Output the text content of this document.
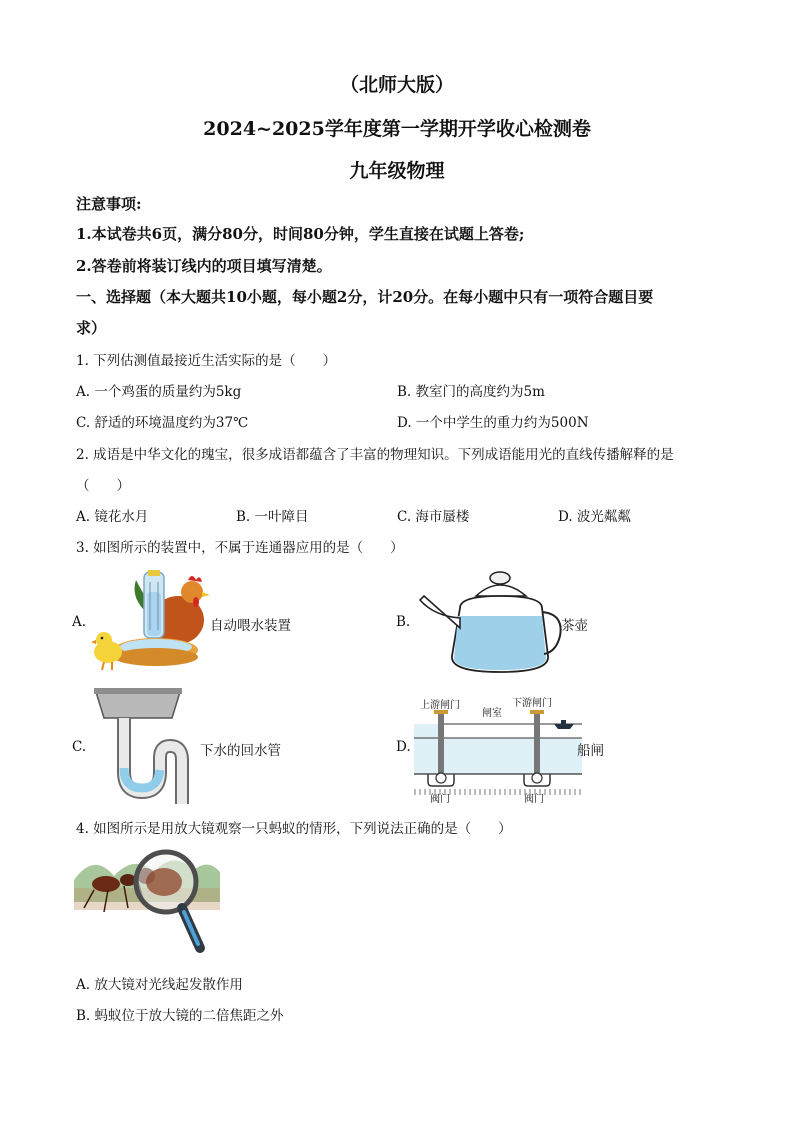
（北师大版）
2024~2025学年度第一学期开学收心检测卷
九年级物理
注意事项:
1.本试卷共6页，满分80分，时间80分钟，学生直接在试题上答卷;
2.答卷前将装订线内的项目填写清楚。
一、选择题（本大题共10小题，每小题2分，计20分。在每小题中只有一项符合题目要
求）
1. 下列估测值最接近生活实际的是（　　）
A. 一个鸡蛋的质量约为5kg	B. 教室门的高度约为5m
C. 舒适的环境温度约为37℃	D. 一个中学生的重力约为500N
2. 成语是中华文化的瑰宝，很多成语都蕴含了丰富的物理知识。下列成语能用光的直线传播解释的是
（　　）
A. 镜花水月	B. 一叶障目	C. 海市蜃楼	D. 波光粼粼
3. 如图所示的装置中，不属于连通器应用的是（　　）
A.	自动喂水装置	B.	茶壶
C.	下水的回水管	D.
上游闸门
闸室
下游闸门
阀门	阀门
船闸
4. 如图所示是用放大镜观察一只蚂蚁的情形，下列说法正确的是（　　）
A. 放大镜对光线起发散作用
B. 蚂蚁位于放大镜的二倍焦距之外
